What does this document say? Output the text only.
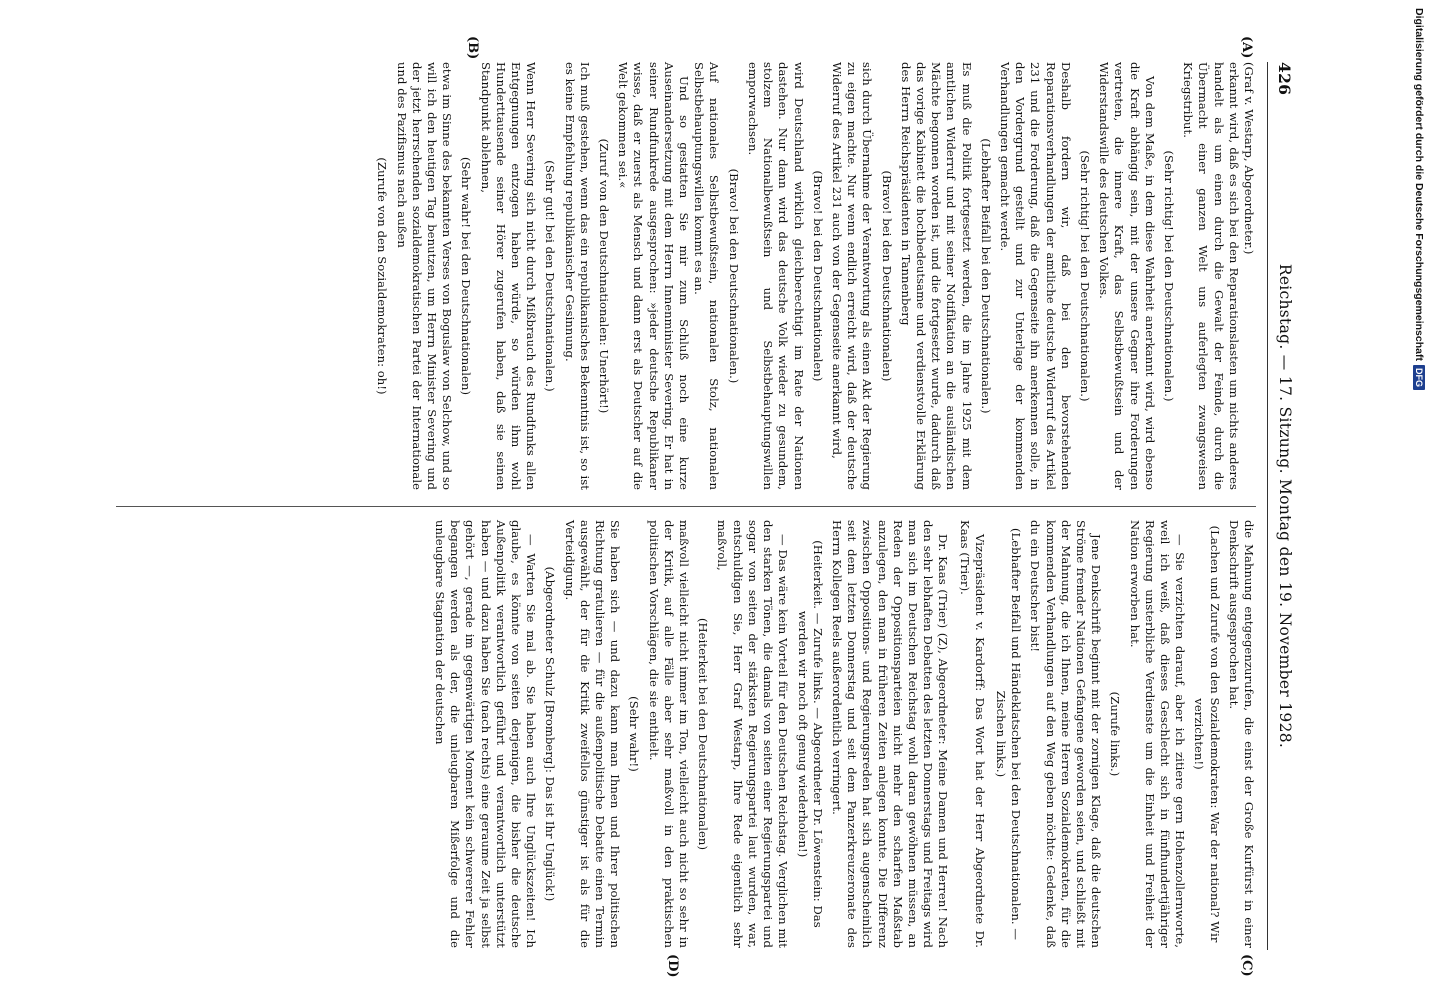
Digitalisierung gefördert durch die Deutsche ForschungsgemeinschaftDFG
426
Reichstag. — 17. Sitzung. Montag den 19. November 1928.
(A)
(B)
(C)
(D)

(Graf v. Westarp, Abgeordneter.)

erkannt wird, daß es sich bei den Reparationslasten um nichts anderes handelt als um einen durch die Gewalt der Feinde, durch die Übermacht einer ganzen Welt uns auferlegten zwangsweisen Kriegstribut.

(Sehr richtig! bei den Deutschnationalen.)

Von dem Maße, in dem diese Wahrheit anerkannt wird, wird ebenso die Kraft abhängig sein, mit der unsere Gegner ihre Forderungen vertreten, die innere Kraft, das Selbstbewußtsein und der Widerstandswille des deutschen Volkes.

(Sehr richtig! bei den Deutschnationalen.)

Deshalb fordern wir, daß bei den bevorstehenden Reparationsverhandlungen der amtliche deutsche Widerruf des Artikel 231 und die Forderung, daß die Gegenseite ihn anerkennen solle, in den Vordergrund gestellt und zur Unterlage der kommenden Verhandlungen gemacht werde.

(Lebhafter Beifall bei den Deutschnationalen.)

Es muß die Politik fortgesetzt werden, die im Jahre 1925 mit dem amtlichen Widerruf und mit seiner Notifikation an die ausländischen Mächte begonnen worden ist, und die fortgesetzt wurde, dadurch daß das vorige Kabinett die hochbedeutsame und verdienstvolle Erklärung des Herrn Reichspräsidenten in Tannenberg

(Bravo! bei den Deutschnationalen)

sich durch Übernahme der Verantwortung als einen Akt der Regierung zu eigen machte. Nur wenn endlich erreicht wird, daß der deutsche Widerruf des Artikel 231 auch von der Gegenseite anerkannt wird,

(Bravo! bei den Deutschnationalen)

wird Deutschland wirklich gleichberechtigt im Rate der Nationen dastehen. Nur dann wird das deutsche Volk wieder zu gesundem, stolzem Nationalbewußtsein und Selbstbehauptungswillen emporwachsen.

(Bravo! bei den Deutschnationalen.)

Auf nationales Selbstbewußtsein, nationalen Stolz, nationalen Selbstbehauptungswillen kommt es an.

Und so gestatten Sie mir zum Schluß noch eine kurze Auseinandersetzung mit dem Herrn Innenminister Severing. Er hat in seiner Rundfunkrede ausgesprochen: »jeder deutsche Republikaner wisse, daß er zuerst als Mensch und dann erst als Deutscher auf die Welt gekommen sei.«

(Zuruf von den Deutschnationalen: Unerhört!)

Ich muß gestehen, wenn das ein republikanisches Bekenntnis ist, so ist es keine Empfehlung republikanischer Gesinnung.

(Sehr gut! bei den Deutschnationalen.)

Wenn Herr Severing sich nicht durch Mißbrauch des Rundfunks allen Entgegnungen entzogen haben würde, so würden ihm wohl Hunderttausende seiner Hörer zugerufen haben, daß sie seinen Standpunkt ablehnen,

(Sehr wahr! bei den Deutschnationalen)

etwa im Sinne des bekannten Verses von Boguslaw von Selchow, und so will ich den heutigen Tag benutzen, um Herrn Minister Severing und der jetzt herrschenden sozialdemokratischen Partei der Internationale und des Pazifismus nach außen

(Zurufe von den Sozialdemokraten: oh!)

die Mahnung entgegenzurufen, die einst der Große Kurfürst in einer Denkschrift ausgesprochen hat.

(Lachen und Zurufe von den Sozialdemokraten: War der national? Wir verzichten!)

— Sie verzichten darauf, aber ich zitiere gern Hohenzollernworte, weil ich weiß, daß dieses Geschlecht sich in fünfhundertjähriger Regierung unsterbliche Verdienste um die Einheit und Freiheit der Nation erworben hat.

(Zurufe links.)

Jene Denkschrift beginnt mit der zornigen Klage, daß die deutschen Ströme fremder Nationen Gefangene geworden seien, und schließt mit der Mahnung, die ich Ihnen, meine Herren Sozialdemokraten, für die kommenden Verhandlungen auf den Weg geben möchte: Gedenke, daß du ein Deutscher bist!

(Lebhafter Beifall und Händeklatschen bei den Deutschnationalen. — Zischen links.)

Vizepräsident v. Kardorff: Das Wort hat der Herr Abgeordnete Dr. Kaas (Trier).

Dr. Kaas (Trier) (Z), Abgeordneter: Meine Damen und Herren! Nach den sehr lebhaften Debatten des letzten Donnerstags und Freitags wird man sich im Deutschen Reichstag wohl daran gewöhnen müssen, an Reden der Oppositionsparteien nicht mehr den scharfen Maßstab anzulegen, den man in früheren Zeiten anlegen konnte. Die Differenz zwischen Oppositions- und Regierungsreden hat sich augenscheinlich seit dem letzten Donnerstag und seit dem Panzerkreuzeronate des Herrn Kollegen Reels außerordentlich verringert.

(Heiterkeit. — Zurufe links. — Abgeordneter Dr. Löwenstein: Das werden wir noch oft genug wiederholen!)

— Das wäre kein Vorteil für den Deutschen Reichstag. Verglichen mit den starken Tönen, die damals von seiten einer Regierungspartei und sogar von seiten der stärksten Regierungspartei laut wurden, war, entschuldigen Sie, Herr Graf Westarp, Ihre Rede eigentlich sehr maßvoll,

(Heiterkeit bei den Deutschnationalen)

maßvoll vielleicht nicht immer im Ton, vielleicht auch nicht so sehr in der Kritik, auf alle Fälle aber sehr maßvoll in den praktischen politischen Vorschlägen, die sie enthielt.

(Sehr wahr!)

Sie haben sich — und dazu kann man Ihnen und Ihrer politischen Richtung gratulieren — für die außenpolitische Debatte einen Termin ausgewählt, der für die Kritik zweifellos günstiger ist als für die Verteidigung.

(Abgeordneter Schulz [Bromberg]: Das ist Ihr Unglück!)

— Warten Sie mal ab. Sie haben auch Ihre Unglückszeiten! Ich glaube, es könnte von seiten derjenigen, die bisher die deutsche Außenpolitik verantwortlich geführt und verantwortlich unterstützt haben — und dazu haben Sie (nach rechts) eine geraume Zeit ja selbst gehört —, gerade im gegenwärtigen Moment kein schwererer Fehler begangen werden als der, die unleugbaren Mißerfolge und die unleugbare Stagnation der deutschen
